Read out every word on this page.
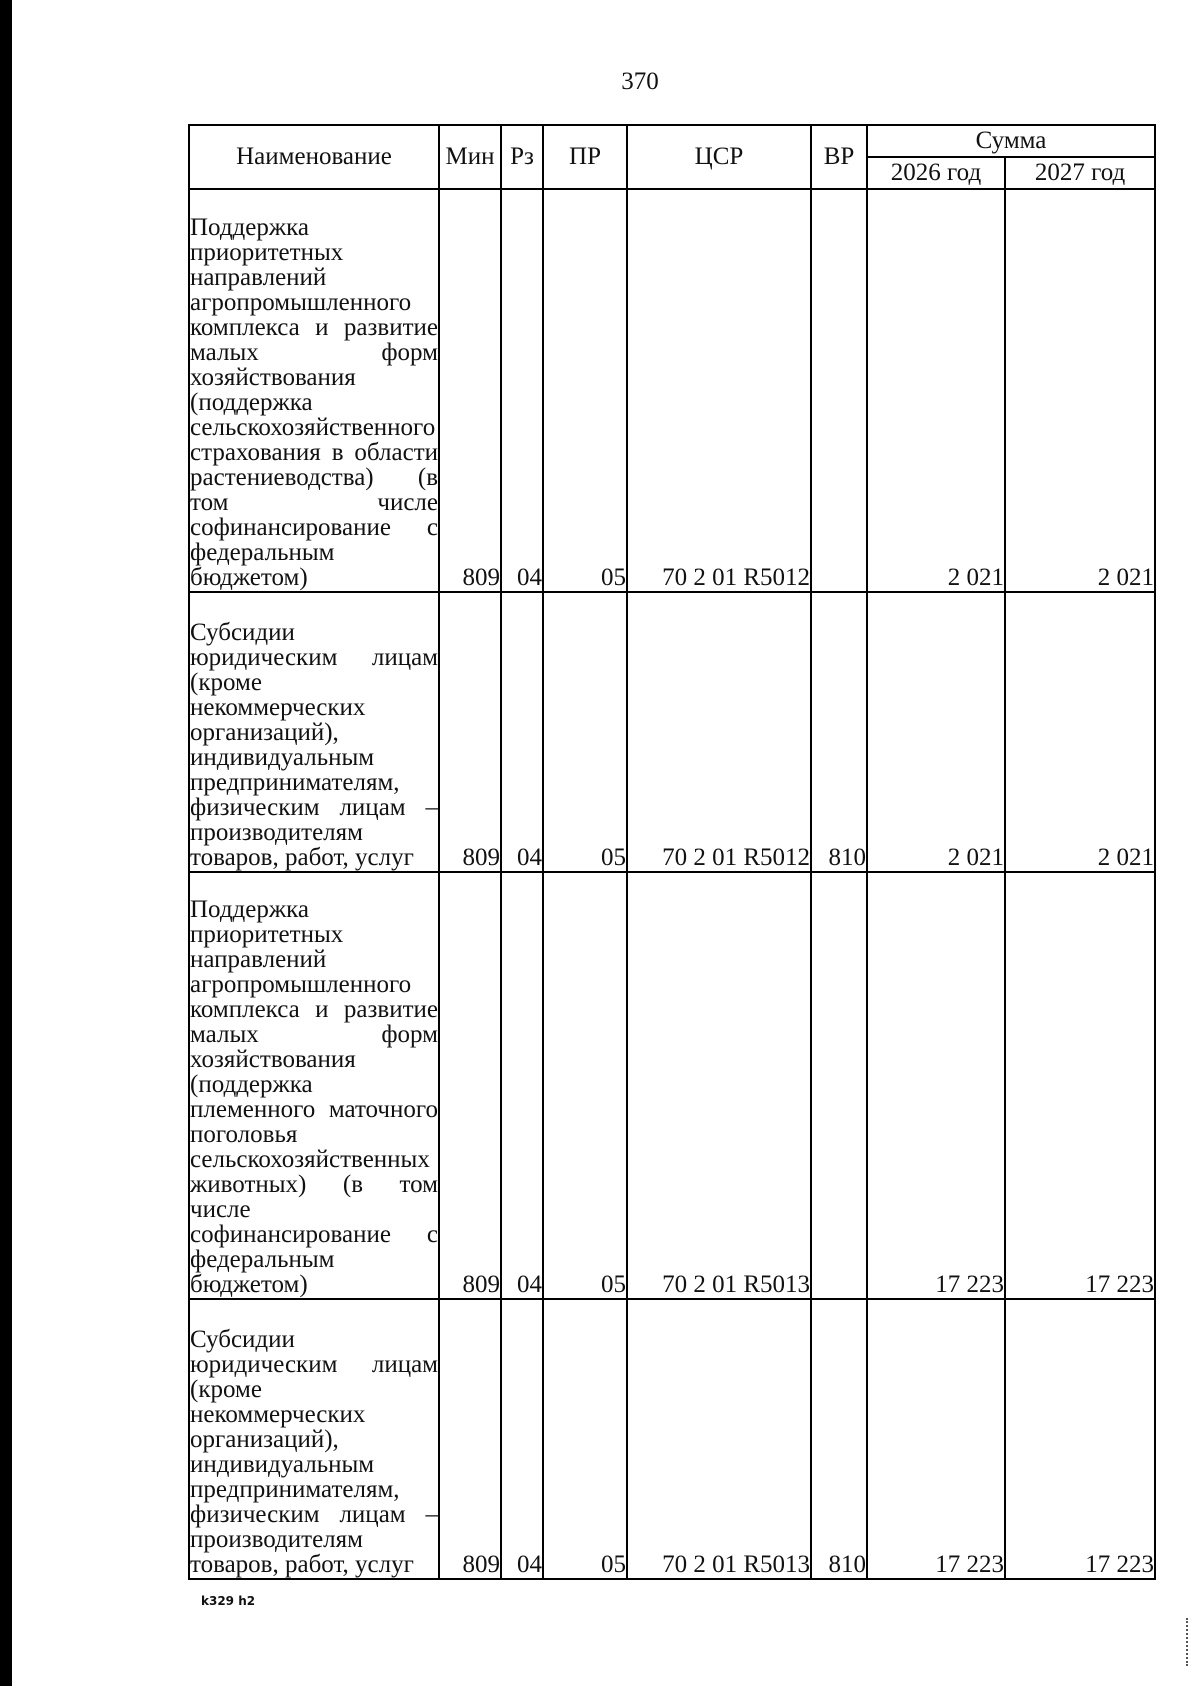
370
Наименование	Мин	Рз	ПР	ЦСР	ВР	Сумма	
						2026 год	2027 год
Поддержка приоритетных направлений агропромышленного комплекса и развитие малых форм хозяйствования (поддержка сельскохозяйственного страхования в области растениеводства) (в том числе софинансирование с федеральным бюджетом)	809	04	05	70 2 01 R5012		2 021	2 021
Субсидии юридическим лицам (кроме некоммерческих организаций), индивидуальным предпринимателям, физическим лицам – производителям товаров, работ, услуг	809	04	05	70 2 01 R5012	810	2 021	2 021
Поддержка приоритетных направлений агропромышленного комплекса и развитие малых форм хозяйствования (поддержка племенного маточного поголовья сельскохозяйственных животных) (в том числе софинансирование с федеральным бюджетом)	809	04	05	70 2 01 R5013		17 223	17 223
Субсидии юридическим лицам (кроме некоммерческих организаций), индивидуальным предпринимателям, физическим лицам – производителям товаров, работ, услуг	809	04	05	70 2 01 R5013	810	17 223	17 223
k329 h2
